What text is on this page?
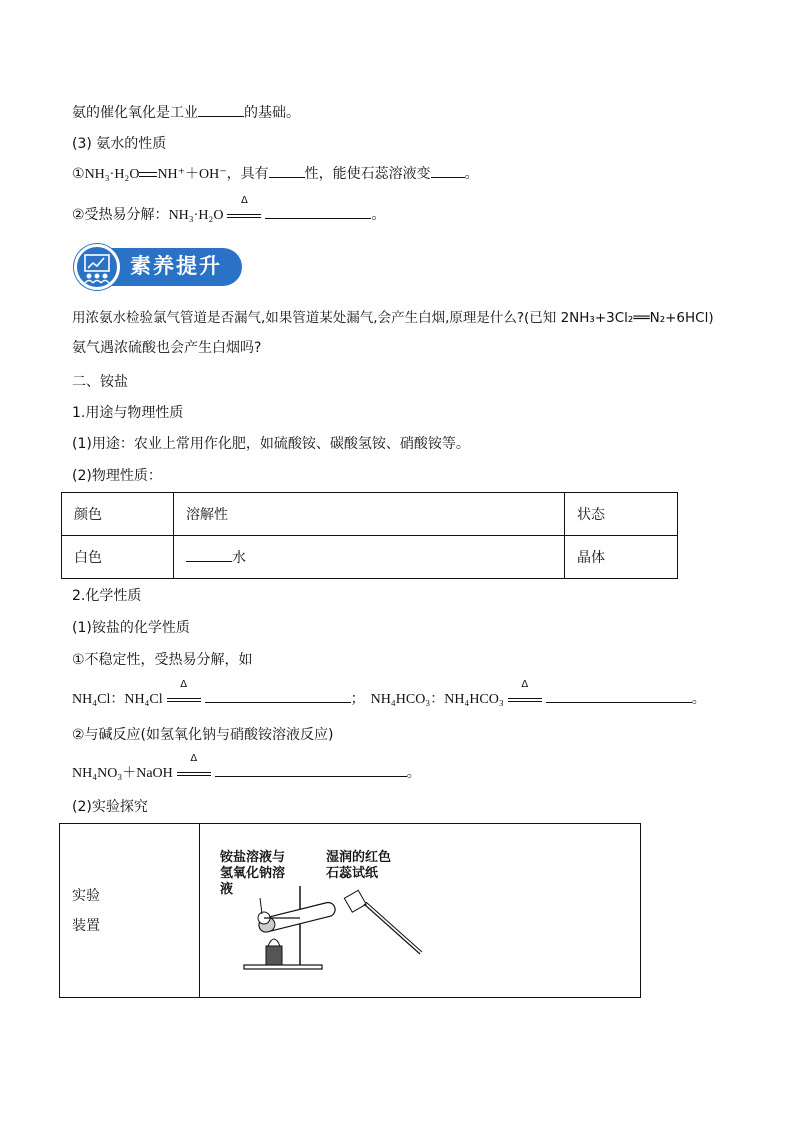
氨的催化氧化是工业	的基础。
(3) 氨水的性质
①NH₃·H₂O NH⁺＋OH⁻，具有	性，能使石蕊溶液变 。
②受热易分解：NH₃·H₂O
Δ
。
素养提升
用浓氨水检验氯气管道是否漏气,如果管道某处漏气,会产生白烟,原理是什么?(已知 2NH₃+3Cl₂══N₂+6HCl)
氨气遇浓硫酸也会产生白烟吗?
二、铵盐
1.用途与物理性质
(1)用途：农业上常用作化肥，如硫酸铵、碳酸氢铵、硝酸铵等。
(2)物理性质：
颜色	溶解性	状态
白色	水	晶体
2.化学性质
(1)铵盐的化学性质
①不稳定性，受热易分解，如
NH₄Cl：NH₄Cl
Δ
； NH₄HCO₃：NH₄HCO₃
Δ
。
②与碱反应(如氢氧化钠与硝酸铵溶液反应)
NH₄NO₃＋NaOH
Δ
。
(2)实验探究
实验
装置

铵盐溶液与
氢氧化钠溶
液
湿润的红色
石蕊试纸
